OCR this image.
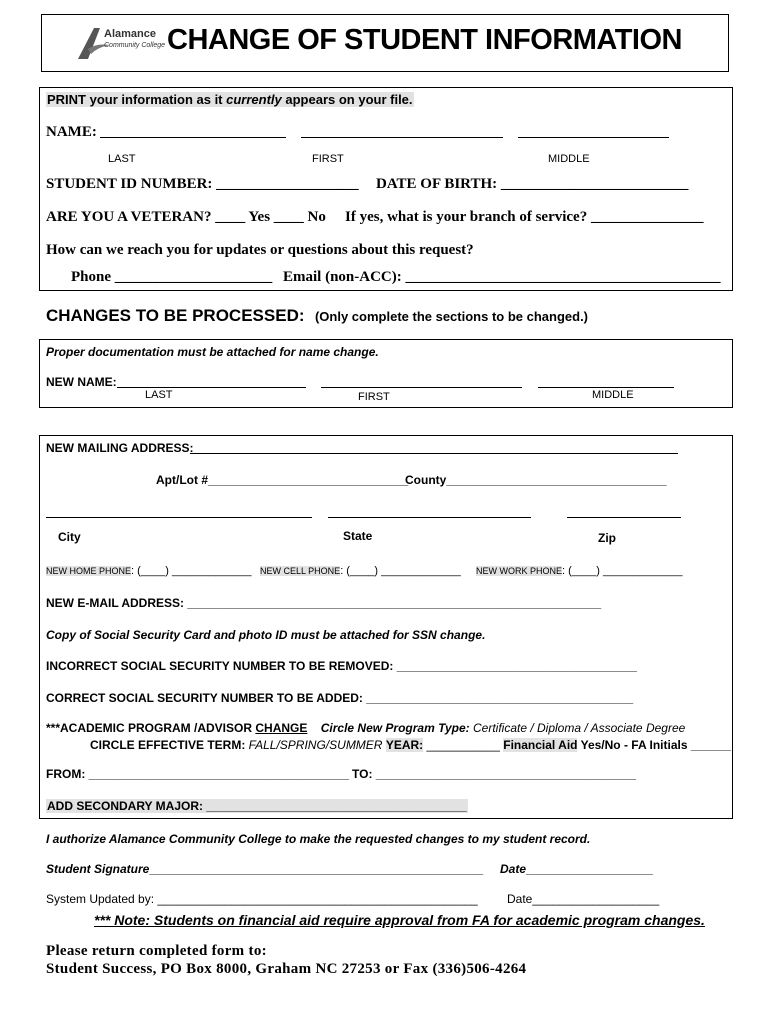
Alamance
Community College CHANGE OF STUDENT INFORMATION
PRINT your information as it currently appears on your file.
NAME:
LAST	FIRST	MIDDLE
STUDENT ID NUMBER: ___________________ DATE OF BIRTH: _________________________
ARE YOU A VETERAN? ____ Yes ____ No If yes, what is your branch of service? _______________
How can we reach you for updates or questions about this request?
Phone _____________________ Email (non-ACC): __________________________________________
CHANGES TO BE PROCESSED: (Only complete the sections to be changed.)
Proper documentation must be attached for name change.
NEW NAME:
LAST	FIRST	MIDDLE
NEW MAILING ADDRESS:
Apt/Lot #______________________________
County_________________________________
City	State	Zip
NEW HOME PHONE: (____) _____________ NEW CELL PHONE: (____) _____________ NEW WORK PHONE: (____) _____________
NEW E-MAIL ADDRESS: ______________________________________________________________
Copy of Social Security Card and photo ID must be attached for SSN change.
INCORRECT SOCIAL SECURITY NUMBER TO BE REMOVED: ____________________________________
CORRECT SOCIAL SECURITY NUMBER TO BE ADDED: ________________________________________
***ACADEMIC PROGRAM /ADVISOR CHANGE Circle New Program Type: Certificate / Diploma / Associate Degree
CIRCLE EFFECTIVE TERM: FALL/SPRING/SUMMER YEAR: ___________ Financial Aid Yes/No - FA Initials ______
FROM: _______________________________________ TO: _______________________________________
ADD SECONDARY MAJOR: _______________________________________
I authorize Alamance Community College to make the requested changes to my student record.
Student Signature__________________________________________________ Date___________________
System Updated by: ________________________________________________ Date___________________
*** Note: Students on financial aid require approval from FA for academic program changes.
Please return completed form to:
Student Success, PO Box 8000, Graham NC 27253 or Fax (336)506-4264
